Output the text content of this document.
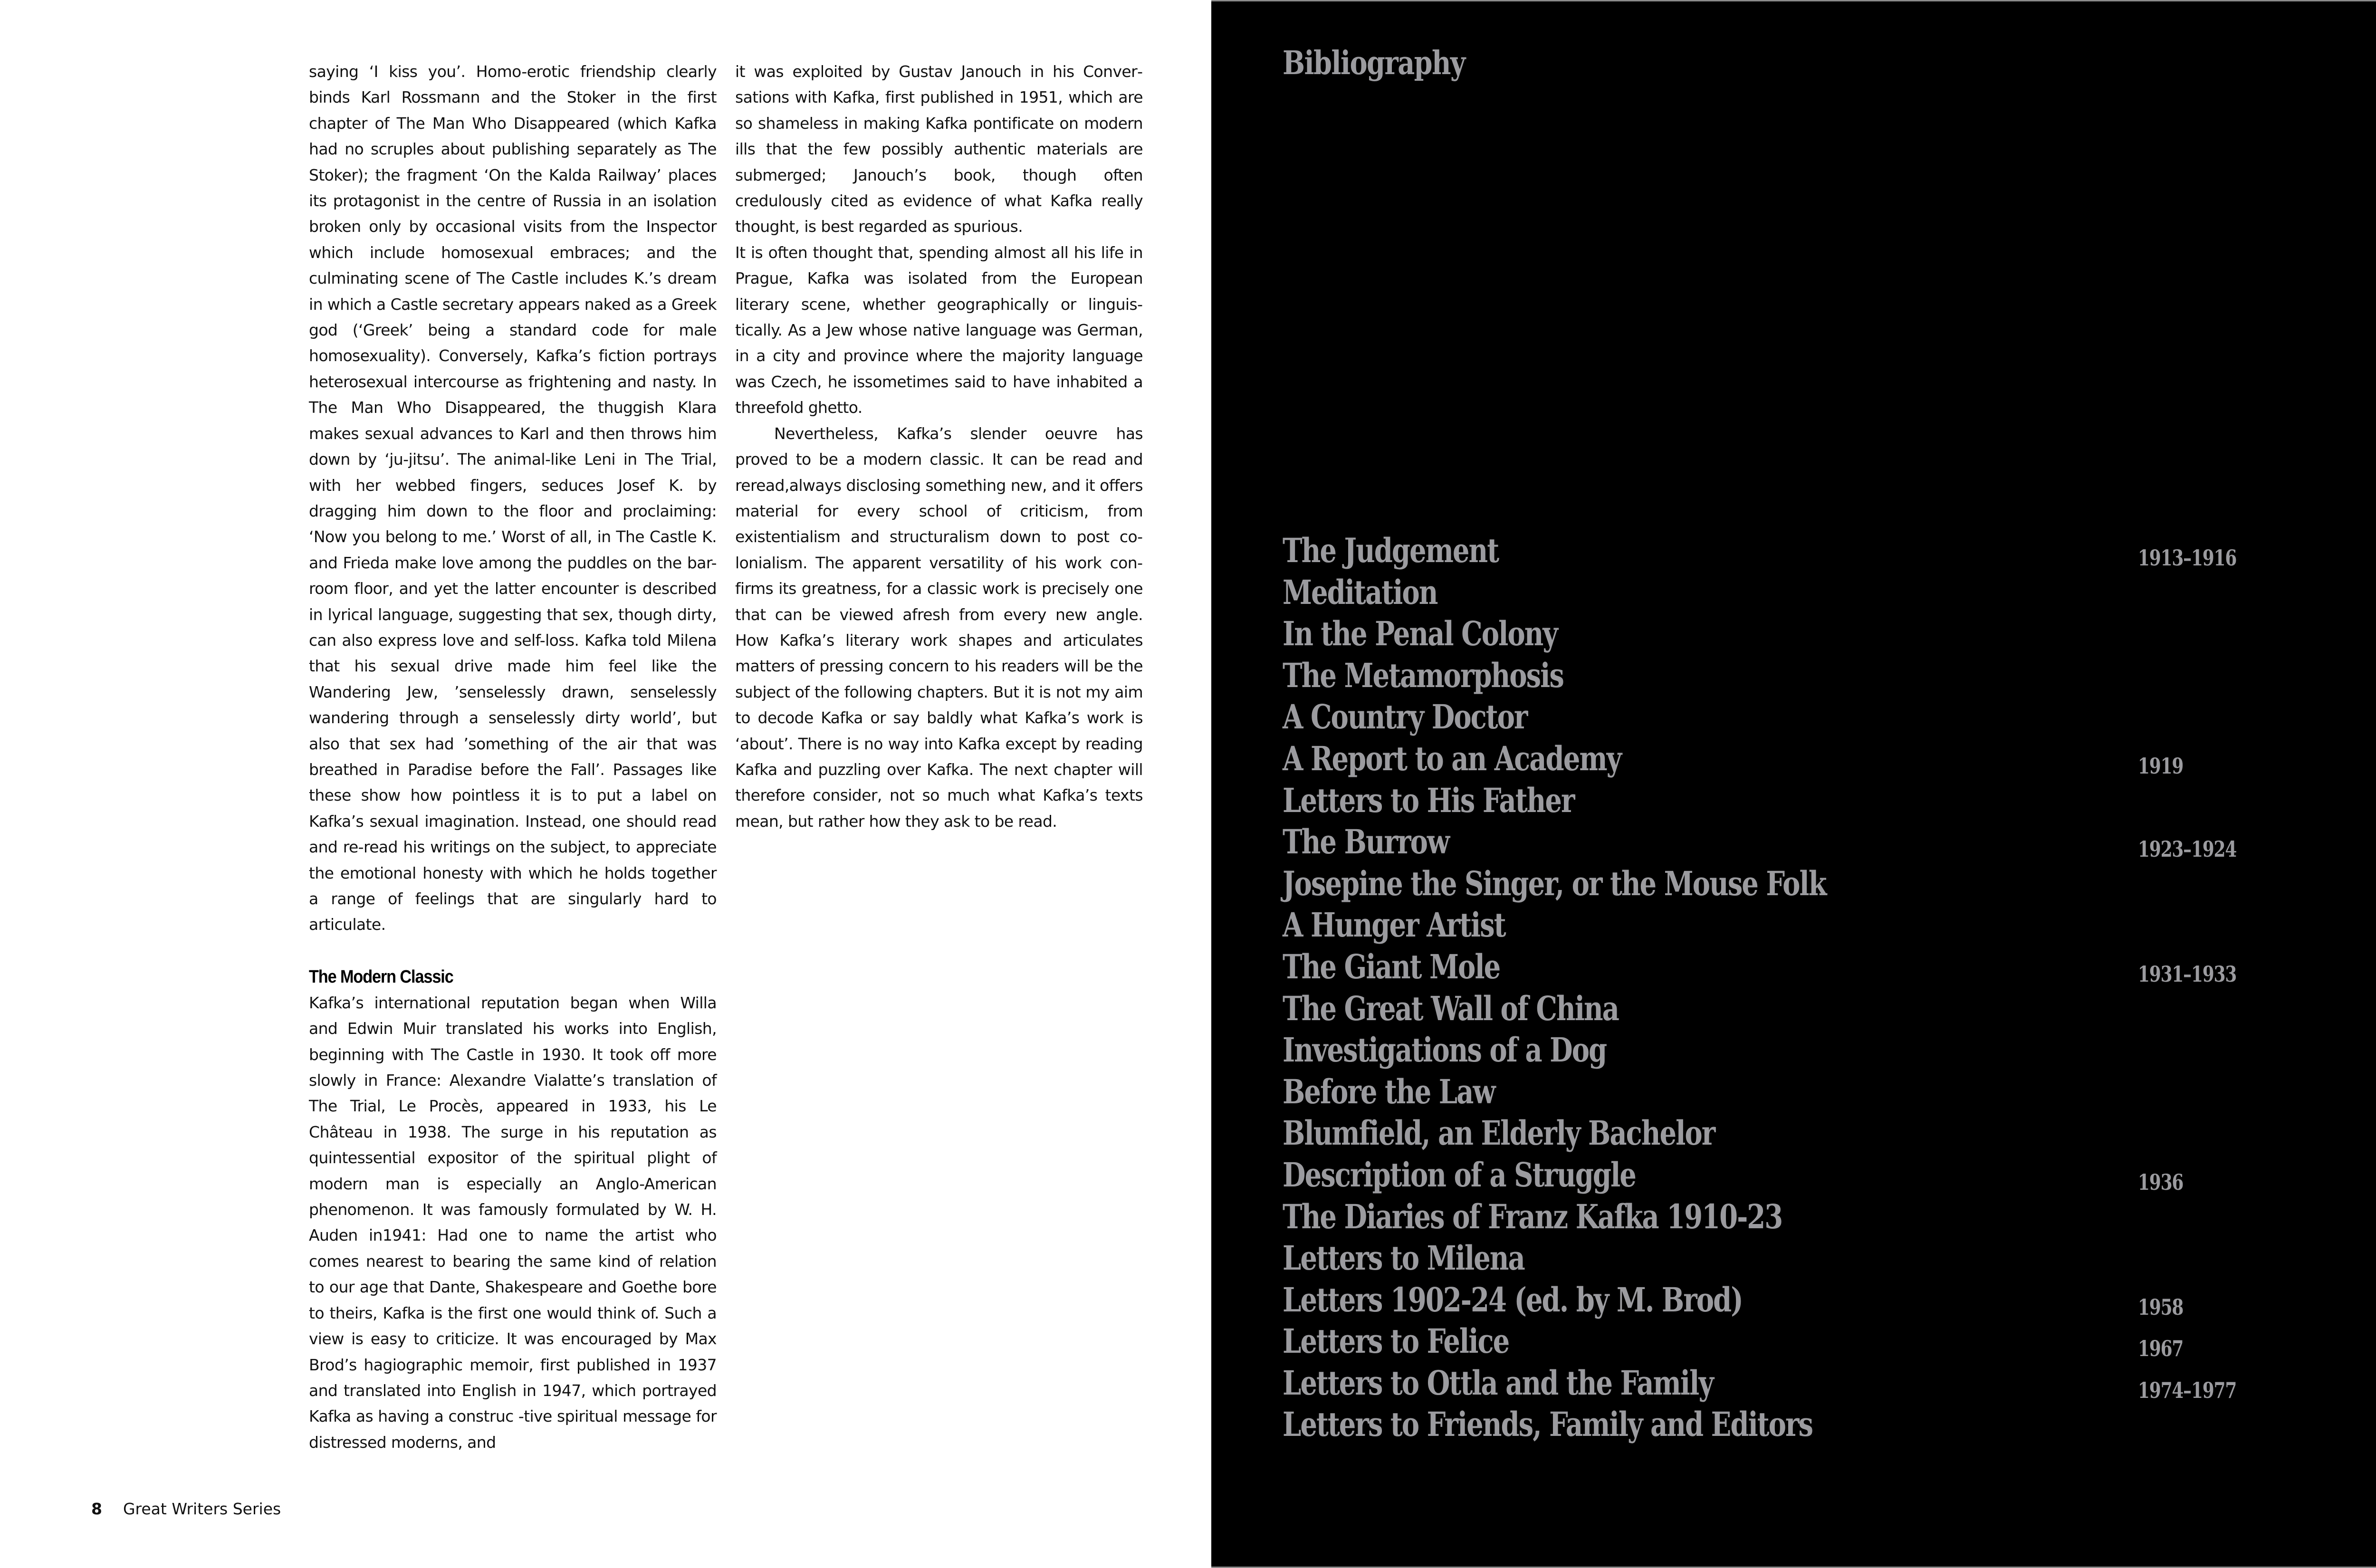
saying ‘I kiss you’. Homo-erotic friendship clearly binds Karl Rossmann and the Stoker in the first chapter of The Man Who Disappeared (which Kafka had no scruples about publishing separately as The Stoker); the fragment ‘On the Kalda Railway’ places its protagonist in the centre of Russia in an isolation broken only by occasional visits from the Inspector which include homosexual embraces; and the culminating scene of The Castle includes K.’s dream in which a Castle secretary appears naked as a Greek god (‘Greek’ being a standard code for male homosexuality). Conversely, Kafka’s fiction portrays heterosexual intercourse as frightening and nasty. In The Man Who Disappeared, the thuggish Klara makes sexual advances to Karl and then throws him down by ‘ju-jitsu’. The animal-like Leni in The Trial, with her webbed fingers, seduces Josef K. by dragging him down to the floor and proclaiming: ‘Now you belong to me.’ Worst of all, in The Castle K. and Frieda make love among the puddles on the bar-room floor, and yet the latter encounter is described in lyrical language, suggesting that sex, though dirty, can also express love and self-loss. Kafka told Milena that his sexual drive made him feel like the Wandering Jew, ’senselessly drawn, senselessly wandering through a senselessly dirty world’, but also that sex had ’something of the air that was breathed in Paradise before the Fall’. Passages like these show how pointless it is to put a label on Kafka’s sexual imagination. Instead, one should read and re-read his writings on the subject, to appreciate the emotional honesty with which he holds together a range of feelings that are singularly hard to articulate.

The Modern Classic

Kafka’s international reputation began when Willa and Edwin Muir translated his works into English, beginning with The Castle in 1930. It took off more slowly in France: Alexandre Vialatte’s translation of The Trial, Le Procès, appeared in 1933, his Le Château in 1938. The surge in his reputation as quintessential expositor of the spiritual plight of modern man is especially an Anglo-American phenomenon. It was famously formulated by W. H. Auden in1941: Had one to name the artist who comes nearest to bearing the same kind of relation to our age that Dante, Shakespeare and Goethe bore to theirs, Kafka is the first one would think of. Such a view is easy to criticize. It was encouraged by Max Brod’s hagiographic memoir, first published in 1937 and translated into English in 1947, which portrayed Kafka as having a construc -tive spiritual message for distressed moderns, and

it was exploited by Gustav Janouch in his Conversations with Kafka, first published in 1951, which are so shameless in making Kafka pontificate on modern ills that the few possibly authentic materials are submerged; Janouch’s book, though often credulously cited as evidence of what Kafka really thought, is best regarded as spurious.

It is often thought that, spending almost all his life in Prague, Kafka was isolated from the European literary scene, whether geographically or linguistically. As a Jew whose native language was German, in a city and province where the majority language was Czech, he issometimes said to have inhabited a threefold ghetto.

Nevertheless, Kafka’s slender oeuvre has proved to be a modern classic. It can be read and reread,always disclosing something new, and it offers material for every school of criticism, from existentialism and structuralism down to post colonialism. The apparent versatility of his work confirms its greatness, for a classic work is precisely one that can be viewed afresh from every new angle. How Kafka’s literary work shapes and articulates matters of pressing concern to his readers will be the subject of the following chapters. But it is not my aim to decode Kafka or say baldly what Kafka’s work is ‘about’. There is no way into Kafka except by reading Kafka and puzzling over Kafka. The next chapter will therefore consider, not so much what Kafka’s texts mean, but rather how they ask to be read.

8 Great Writers Series
Bibliography
The Judgement	1913–1916
Meditation
In the Penal Colony
The Metamorphosis
A Country Doctor
A Report to an Academy	1919
Letters to His Father
The Burrow	1923–1924
Josepine the Singer, or the Mouse Folk
A Hunger Artist
The Giant Mole	1931–1933
The Great Wall of China
Investigations of a Dog
Before the Law
Blumfield, an Elderly Bachelor
Description of a Struggle	1936
The Diaries of Franz Kafka 1910-23
Letters to Milena
Letters 1902-24 (ed. by M. Brod)	1958
Letters to Felice	1967
Letters to Ottla and the Family	1974–1977
Letters to Friends, Family and Editors
